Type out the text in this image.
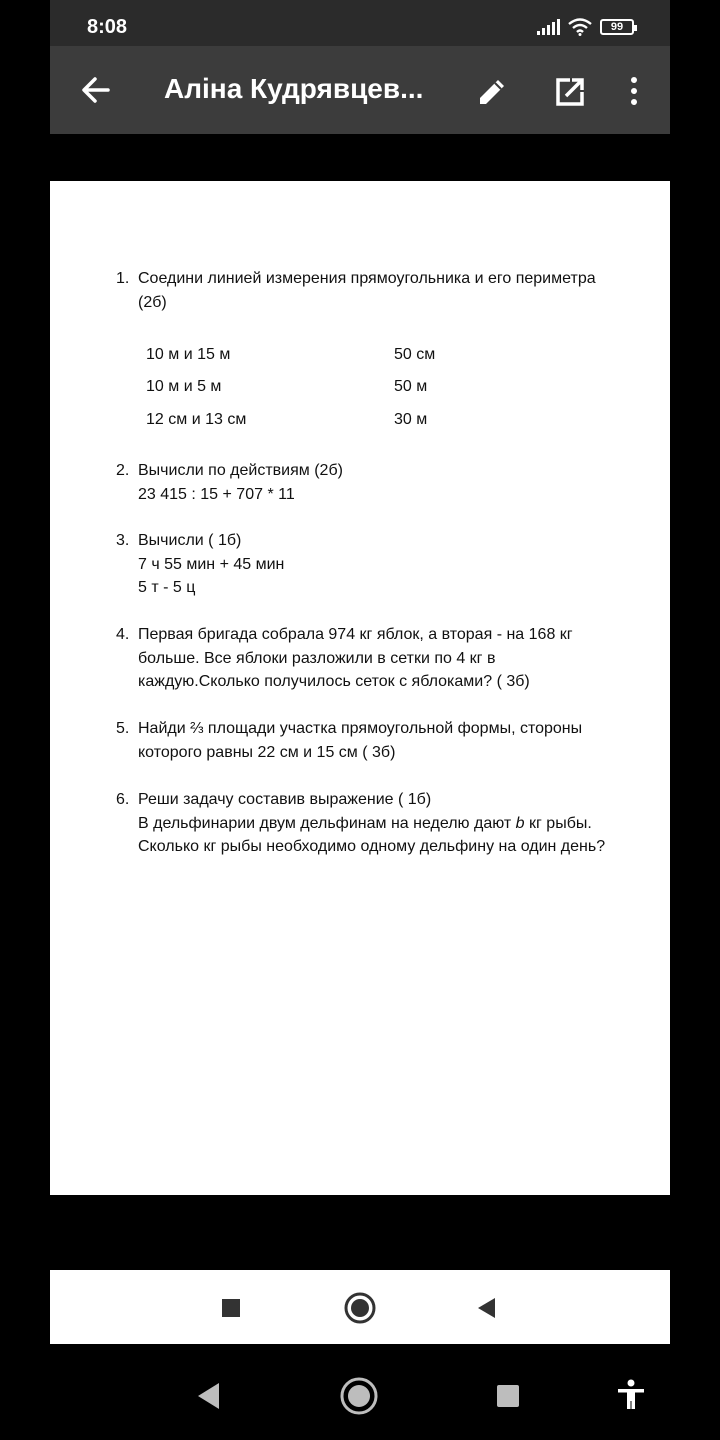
8:08	99
Аліна Кудрявцев...
1. Соедини линией измерения прямоугольника и его периметра
(2б)
10 м и 15 м
10 м и 5 м
12 см и 13 см
50 см
50 м
30 м
2. Вычисли по действиям (2б)
23 415 : 15 + 707 * 11
3. Вычисли ( 1б)
7 ч 55 мин + 45 мин
5 т - 5 ц
4. Первая бригада собрала 974 кг яблок, а вторая - на 168 кг
больше. Все яблоки разложили в сетки по 4 кг в
каждую.Сколько получилось сеток с яблоками? ( 3б)
5. Найди ⅔ площади участка прямоугольной формы, стороны
которого равны 22 см и 15 см ( 3б)
6. Реши задачу составив выражение ( 1б)
В дельфинарии двум дельфинам на неделю дают b кг рыбы.
Сколько кг рыбы необходимо одному дельфину на один день?
